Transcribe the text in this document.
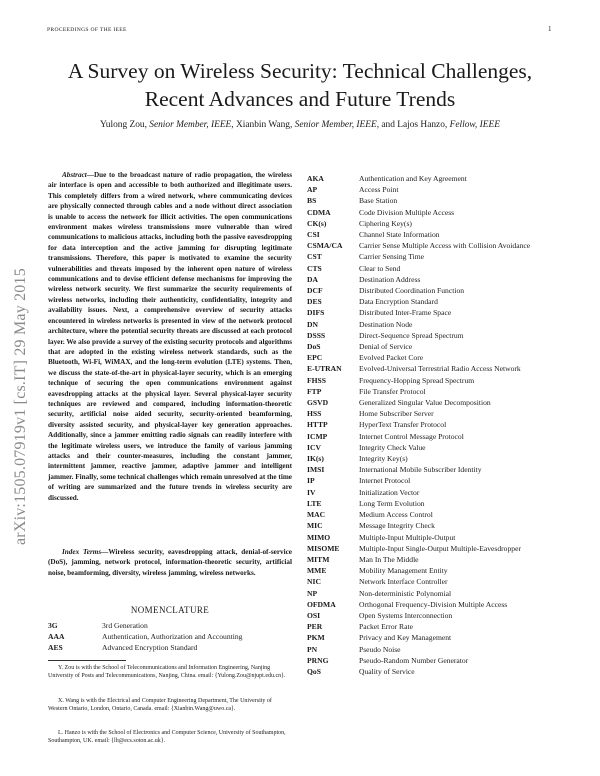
PROCEEDINGS OF THE IEEE	1
A Survey on Wireless Security: Technical Challenges, Recent Advances and Future Trends
Yulong Zou, Senior Member, IEEE, Xianbin Wang, Senior Member, IEEE, and Lajos Hanzo, Fellow, IEEE
arXiv:1505.07919v1 [cs.IT] 29 May 2015

Abstract—Due to the broadcast nature of radio propagation, the wireless air interface is open and accessible to both authorized and illegitimate users. This completely differs from a wired network, where communicating devices are physically connected through cables and a node without direct association is unable to access the network for illicit activities. The open communications environment makes wireless transmissions more vulnerable than wired communications to malicious attacks, including both the passive eavesdropping for data interception and the active jamming for disrupting legitimate transmissions. Therefore, this paper is motivated to examine the security vulnerabilities and threats imposed by the inherent open nature of wireless communications and to devise efficient defense mechanisms for improving the wireless network security. We first summarize the security requirements of wireless networks, including their authenticity, confidentiality, integrity and availability issues. Next, a comprehensive overview of security attacks encountered in wireless networks is presented in view of the network protocol architecture, where the potential security threats are discussed at each protocol layer. We also provide a survey of the existing security protocols and algorithms that are adopted in the existing wireless network standards, such as the Bluetooth, Wi-Fi, WiMAX, and the long-term evolution (LTE) systems. Then, we discuss the state-of-the-art in physical-layer security, which is an emerging technique of securing the open communications environment against eavesdropping attacks at the physical layer. Several physical-layer security techniques are reviewed and compared, including information-theoretic security, artificial noise aided security, security-oriented beamforming, diversity assisted security, and physical-layer key generation approaches. Additionally, since a jammer emitting radio signals can readily interfere with the legitimate wireless users, we introduce the family of various jamming attacks and their counter-measures, including the constant jammer, intermittent jammer, reactive jammer, adaptive jammer and intelligent jammer. Finally, some technical challenges which remain unresolved at the time of writing are summarized and the future trends in wireless security are discussed.

Index Terms—Wireless security, eavesdropping attack, denial-of-service (DoS), jamming, network protocol, information-theoretic security, artificial noise, beamforming, diversity, wireless jamming, wireless networks.

NOMENCLATURE
3G	3rd Generation
AAA	Authentication, Authorization and Accounting
AES	Advanced Encryption Standard
AKA	Authentication and Key Agreement
AP	Access Point
BS	Base Station
CDMA	Code Division Multiple Access
CK(s)	Ciphering Key(s)
CSI	Channel State Information
CSMA/CA	Carrier Sense Multiple Access with Collision Avoidance
CST	Carrier Sensing Time
CTS	Clear to Send
DA	Destination Address
DCF	Distributed Coordination Function
DES	Data Encryption Standard
DIFS	Distributed Inter-Frame Space
DN	Destination Node
DSSS	Direct-Sequence Spread Spectrum
DoS	Denial of Service
EPC	Evolved Packet Core
E-UTRAN	Evolved-Universal Terrestrial Radio Access Network
FHSS	Frequency-Hopping Spread Spectrum
FTP	File Transfer Protocol
GSVD	Generalized Singular Value Decomposition
HSS	Home Subscriber Server
HTTP	HyperText Transfer Protocol
ICMP	Internet Control Message Protocol
ICV	Integrity Check Value
IK(s)	Integrity Key(s)
IMSI	International Mobile Subscriber Identity
IP	Internet Protocol
IV	Initialization Vector
LTE	Long Term Evolution
MAC	Medium Access Control
MIC	Message Integrity Check
MIMO	Multiple-Input Multiple-Output
MISOME	Multiple-Input Single-Output Multiple-Eavesdropper
MITM	Man In The Middle
MME	Mobility Management Entity
NIC	Network Interface Controller
NP	Non-deterministic Polynomial
OFDMA	Orthogonal Frequency-Division Multiple Access
OSI	Open Systems Interconnection
PER	Packet Error Rate
PKM	Privacy and Key Management
PN	Pseudo Noise
PRNG	Pseudo-Random Number Generator
QoS	Quality of Service

Y. Zou is with the School of Telecommunications and Information Engineering, Nanjing University of Posts and Telecommunications, Nanjing, China. email: {Yulong.Zou@njupt.edu.cn}.

X. Wang is with the Electrical and Computer Engineering Department, The University of Western Ontario, London, Ontario, Canada. email: {Xianbin.Wang@uwo.ca}.

L. Hanzo is with the School of Electronics and Computer Science, University of Southampton, Southampton, UK. email: {lh@ecs.soton.ac.uk}.
